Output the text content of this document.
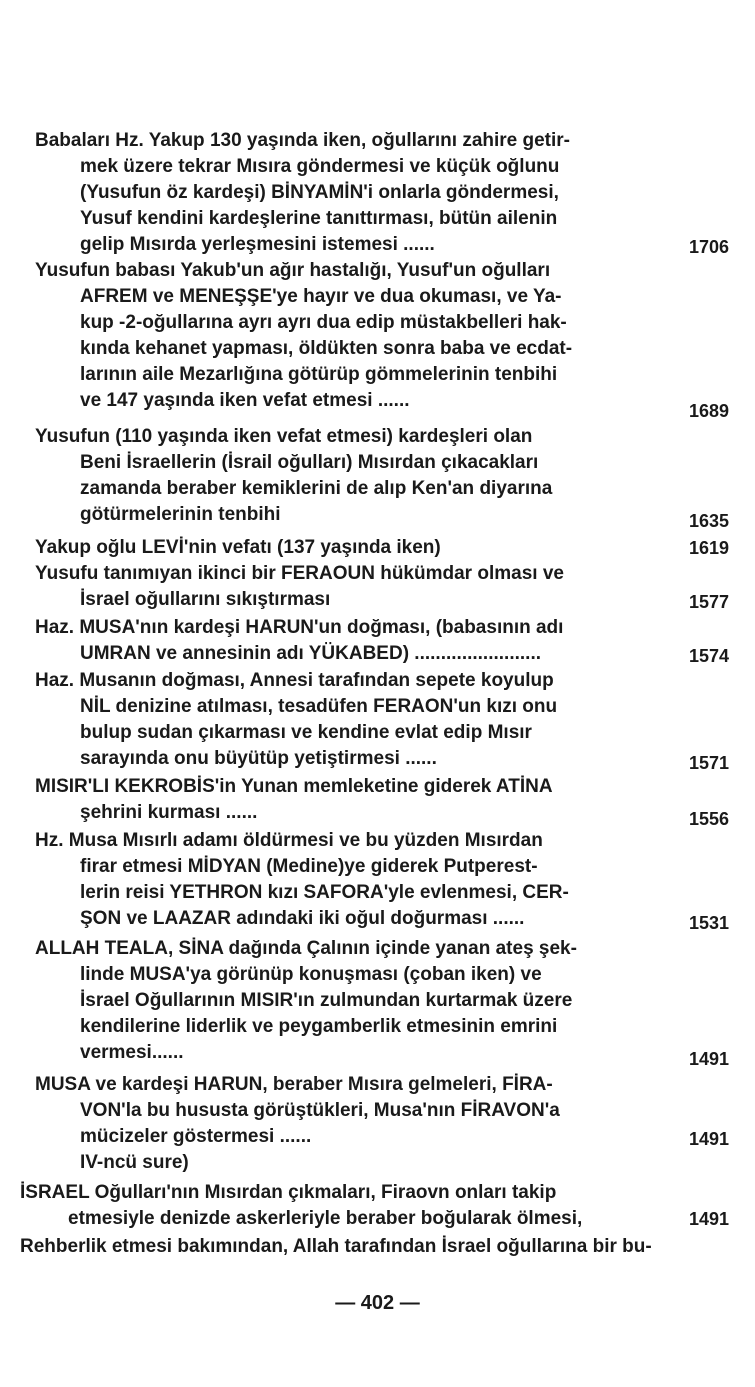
Babaları Hz. Yakup 130 yaşında iken, oğullarını zahire getir-
mek üzere tekrar Mısıra göndermesi ve küçük oğlunu
(Yusufun öz kardeşi) BİNYAMİN'i onlarla göndermesi,
Yusuf kendini kardeşlerine tanıttırması, bütün ailenin
gelip Mısırda yerleşmesini istemesi ......	1706
Yusufun babası Yakub'un ağır hastalığı, Yusuf'un oğulları
AFREM ve MENEŞŞE'ye hayır ve dua okuması, ve Ya-
kup -2-oğullarına ayrı ayrı dua edip müstakbelleri hak-
kında kehanet yapması, öldükten sonra baba ve ecdat-
larının aile Mezarlığına götürüp gömmelerinin tenbihi
ve 147 yaşında iken vefat etmesi ......	1689
Yusufun (110 yaşında iken vefat etmesi) kardeşleri olan
Beni İsraellerin (İsrail oğulları) Mısırdan çıkacakları
zamanda beraber kemiklerini de alıp Ken'an diyarına
götürmelerinin tenbihi	1635
Yakup oğlu LEVİ'nin vefatı (137 yaşında iken)	1619
Yusufu tanımıyan ikinci bir FERAOUN hükümdar olması ve
İsrael oğullarını sıkıştırması	1577
Haz. MUSA'nın kardeşi HARUN'un doğması, (babasının adı
UMRAN ve annesinin adı YÜKABED) ........................	1574
Haz. Musanın doğması, Annesi tarafından sepete koyulup
NİL denizine atılması, tesadüfen FERAON'un kızı onu
bulup sudan çıkarması ve kendine evlat edip Mısır
sarayında onu büyütüp yetiştirmesi ......	1571
MISIR'LI KEKROBİS'in Yunan memleketine giderek ATİNA
şehrini kurması ......	1556
Hz. Musa Mısırlı adamı öldürmesi ve bu yüzden Mısırdan
firar etmesi MİDYAN (Medine)ye giderek Putperest-
lerin reisi YETHRON kızı SAFORA'yle evlenmesi, CER-
ŞON ve LAAZAR adındaki iki oğul doğurması ......	1531
ALLAH TEALA, SİNA dağında Çalının içinde yanan ateş şek-
linde MUSA'ya görünüp konuşması (çoban iken) ve
İsrael Oğullarının MISIR'ın zulmundan kurtarmak üzere
kendilerine liderlik ve peygamberlik etmesinin emrini
vermesi......	1491
MUSA ve kardeşi HARUN, beraber Mısıra gelmeleri, FİRA-
VON'la bu hususta görüştükleri, Musa'nın FİRAVON'a
mücizeler göstermesi ......	1491
IV-ncü sure)
İSRAEL Oğulları'nın Mısırdan çıkmaları, Firaovn onları takip
etmesiyle denizde askerleriyle beraber boğularak ölmesi,	1491
Rehberlik etmesi bakımından, Allah tarafından İsrael oğullarına bir bu-
— 402 —
